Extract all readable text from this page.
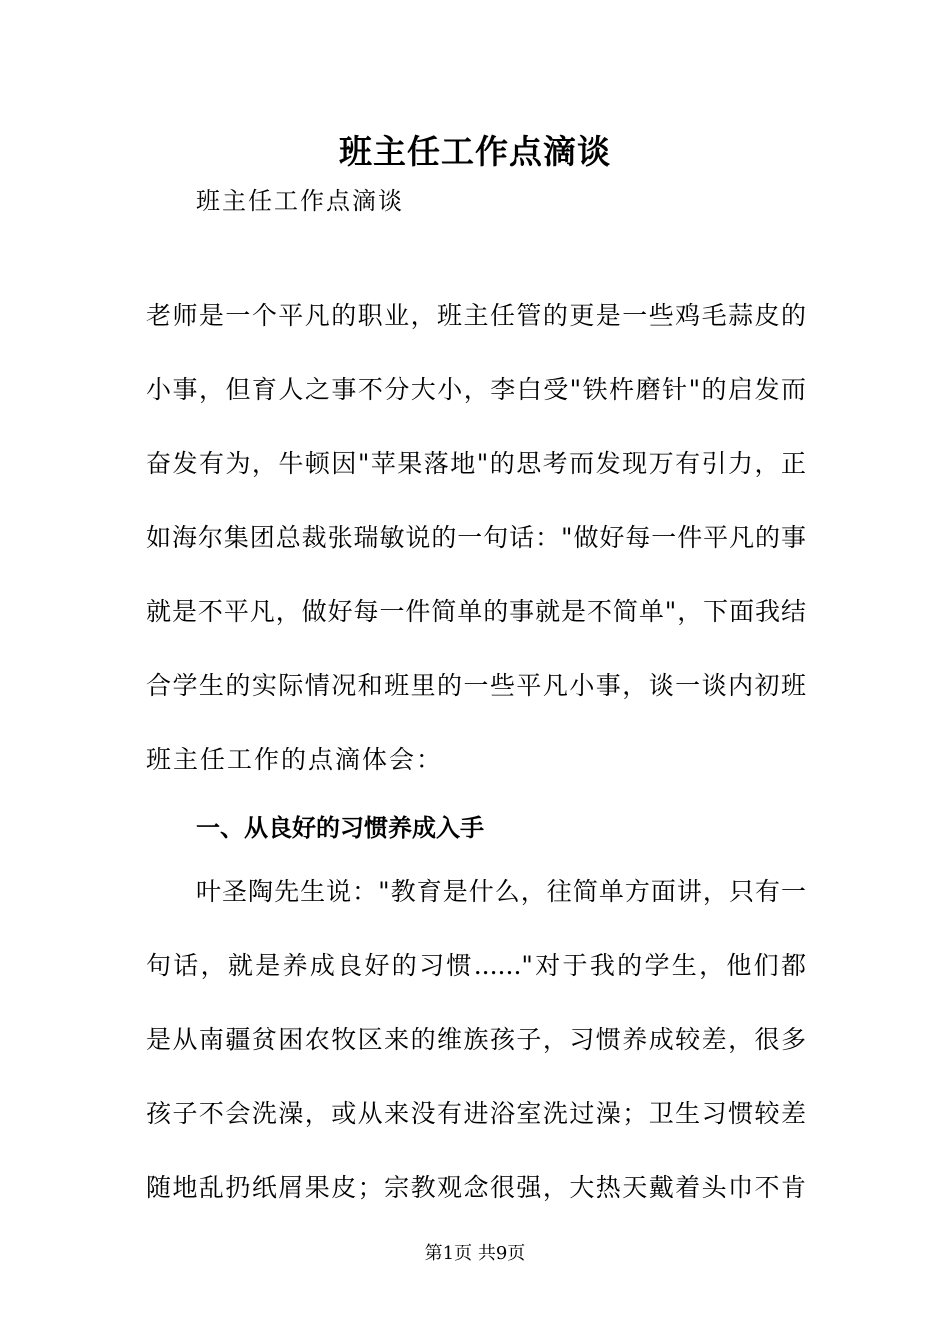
班主任工作点滴谈
班主任工作点滴谈
老师是一个平凡的职业，班主任管的更是一些鸡毛蒜皮的
小事，但育人之事不分大小，李白受"铁杵磨针"的启发而
奋发有为，牛顿因"苹果落地"的思考而发现万有引力，正
如海尔集团总裁张瑞敏说的一句话："做好每一件平凡的事
就是不平凡，做好每一件简单的事就是不简单"，下面我结
合学生的实际情况和班里的一些平凡小事，谈一谈内初班
班主任工作的点滴体会：
一、从良好的习惯养成入手
叶圣陶先生说："教育是什么，往简单方面讲，只有一
句话，就是养成良好的习惯......"对于我的学生，他们都
是从南疆贫困农牧区来的维族孩子，习惯养成较差，很多
孩子不会洗澡，或从来没有进浴室洗过澡；卫生习惯较差
随地乱扔纸屑果皮；宗教观念很强，大热天戴着头巾不肯
第1页 共9页
